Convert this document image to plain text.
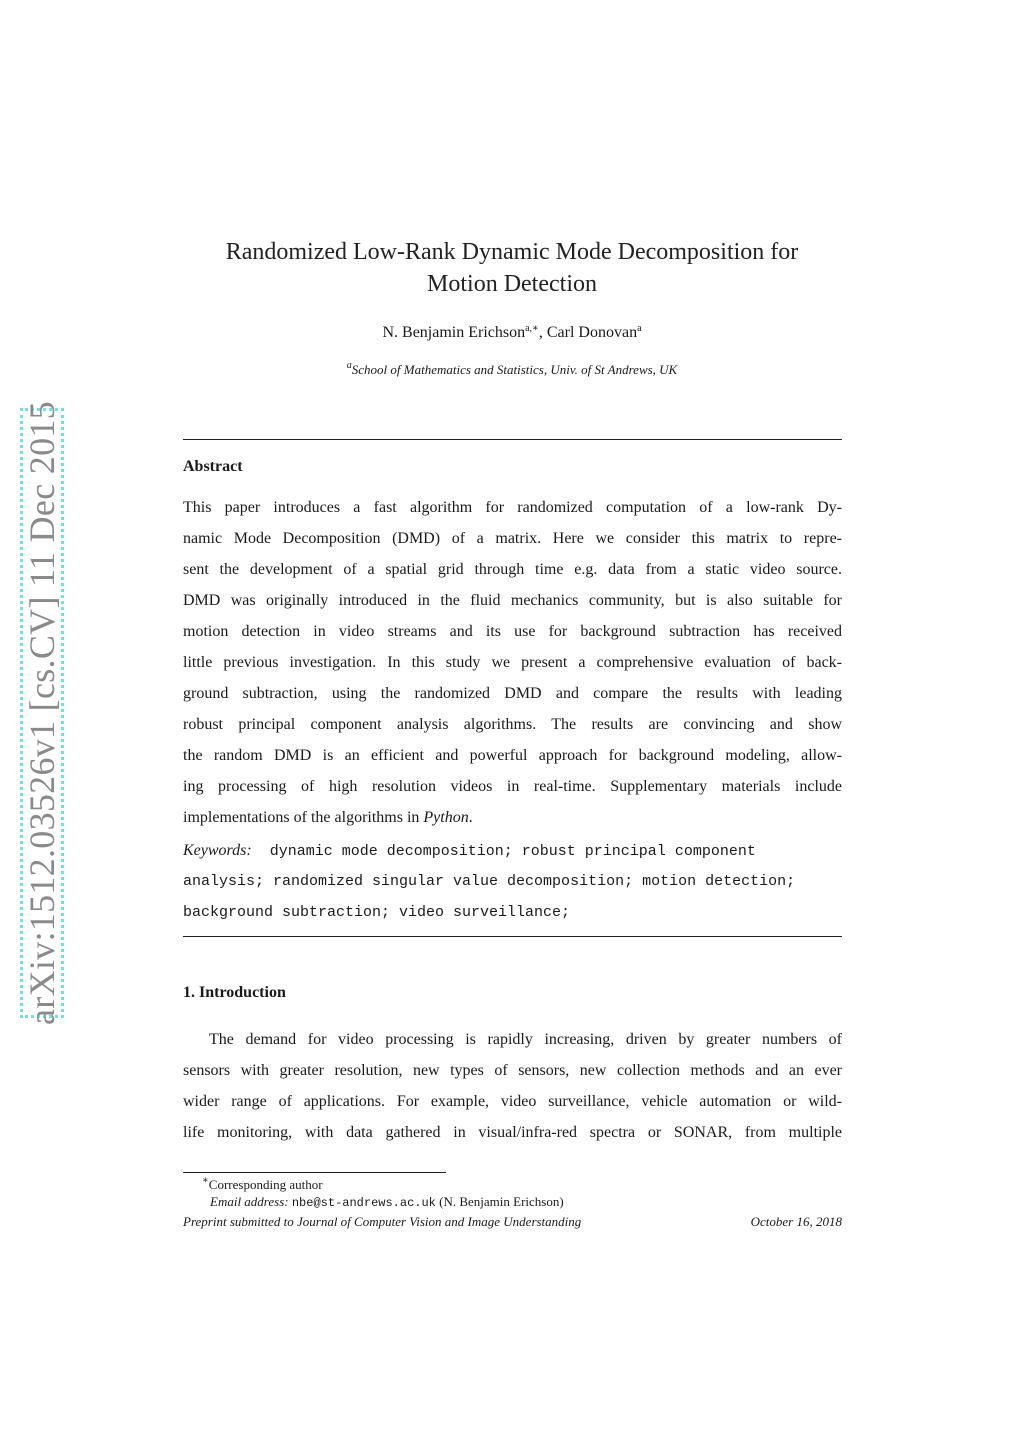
arXiv:1512.03526v1 [cs.CV] 11 Dec 2015
Randomized Low-Rank Dynamic Mode Decomposition for
Motion Detection
N. Benjamin Erichson$^{a,∗}$, Carl Donovan$^a$
$^a$School of Mathematics and Statistics, Univ. of St Andrews, UK
Abstract
This paper introduces a fast algorithm for randomized computation of a low-rank Dy-
namic Mode Decomposition (DMD) of a matrix. Here we consider this matrix to repre-
sent the development of a spatial grid through time e.g. data from a static video source.
DMD was originally introduced in the fluid mechanics community, but is also suitable for
motion detection in video streams and its use for background subtraction has received
little previous investigation. In this study we present a comprehensive evaluation of back-
ground subtraction, using the randomized DMD and compare the results with leading
robust principal component analysis algorithms. The results are convincing and show
the random DMD is an efficient and powerful approach for background modeling, allow-
ing processing of high resolution videos in real-time. Supplementary materials include
implementations of the algorithms in Python.
Keywords: dynamic mode decomposition; robust principal component
analysis; randomized singular value decomposition; motion detection;
background subtraction; video surveillance;
1. Introduction
The demand for video processing is rapidly increasing, driven by greater numbers of
sensors with greater resolution, new types of sensors, new collection methods and an ever
wider range of applications. For example, video surveillance, vehicle automation or wild-
life monitoring, with data gathered in visual/infra-red spectra or SONAR, from multiple
∗Corresponding author
Email address: nbe@st-andrews.ac.uk (N. Benjamin Erichson)
Preprint submitted to Journal of Computer Vision and Image Understanding	October 16, 2018
